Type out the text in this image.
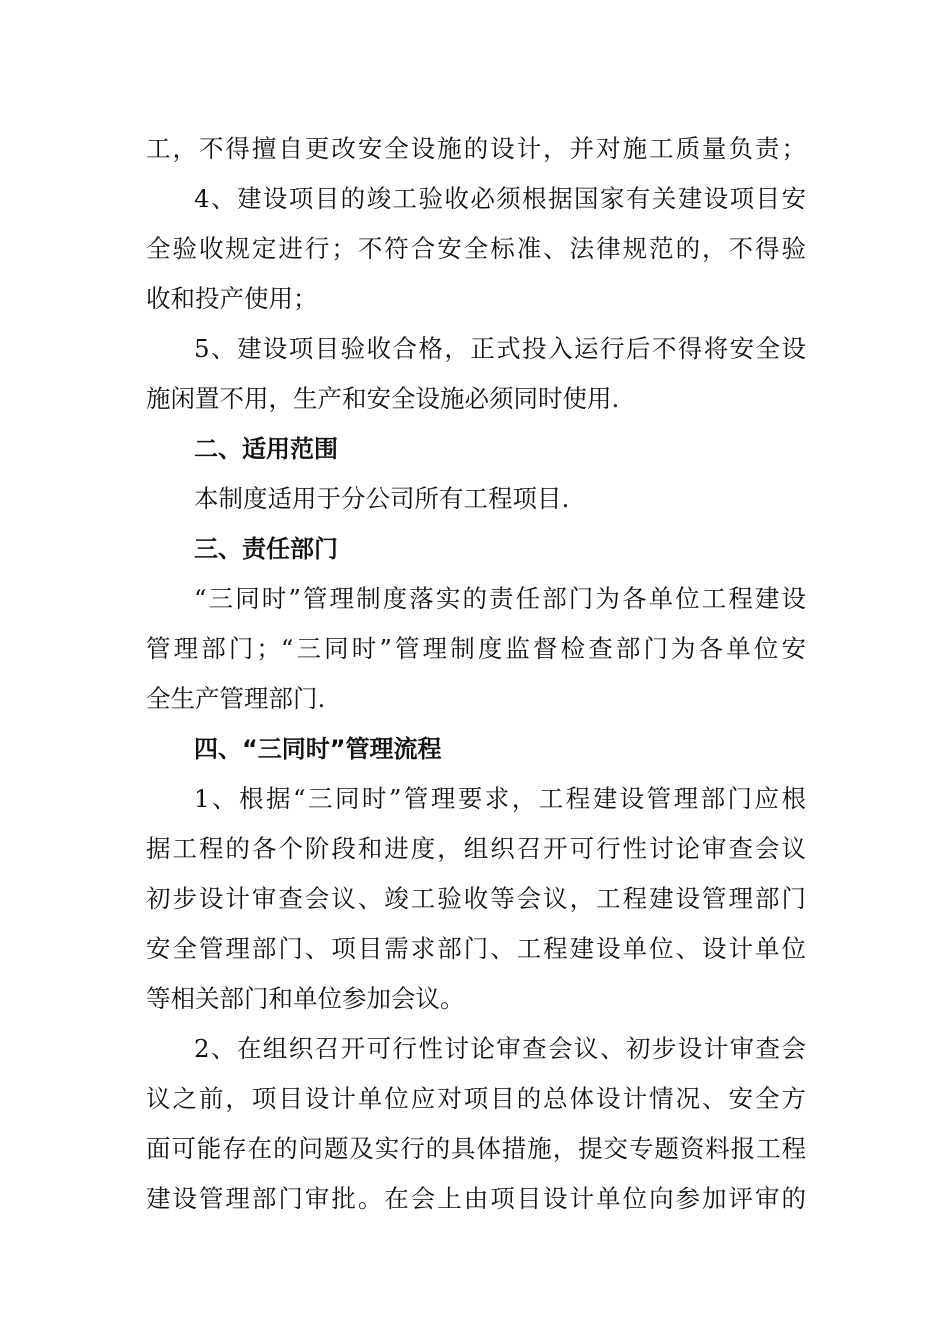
工，不得擅自更改安全设施的设计，并对施工质量负责；
4、建设项目的竣工验收必须根据国家有关建设项目安
全验收规定进行；不符合安全标准、法律规范的，不得验
收和投产使用；
5、建设项目验收合格，正式投入运行后不得将安全设
施闲置不用，生产和安全设施必须同时使用.
二、适用范围
本制度适用于分公司所有工程项目.
三、责任部门
“三同时”管理制度落实的责任部门为各单位工程建设
管理部门；“三同时”管理制度监督检查部门为各单位安
全生产管理部门.
四、“三同时”管理流程
1、根据“三同时”管理要求，工程建设管理部门应根
据工程的各个阶段和进度，组织召开可行性讨论审查会议
初步设计审查会议、竣工验收等会议，工程建设管理部门
安全管理部门、项目需求部门、工程建设单位、设计单位
等相关部门和单位参加会议。
2、在组织召开可行性讨论审查会议、初步设计审查会
议之前，项目设计单位应对项目的总体设计情况、安全方
面可能存在的问题及实行的具体措施，提交专题资料报工程
建设管理部门审批。在会上由项目设计单位向参加评审的
